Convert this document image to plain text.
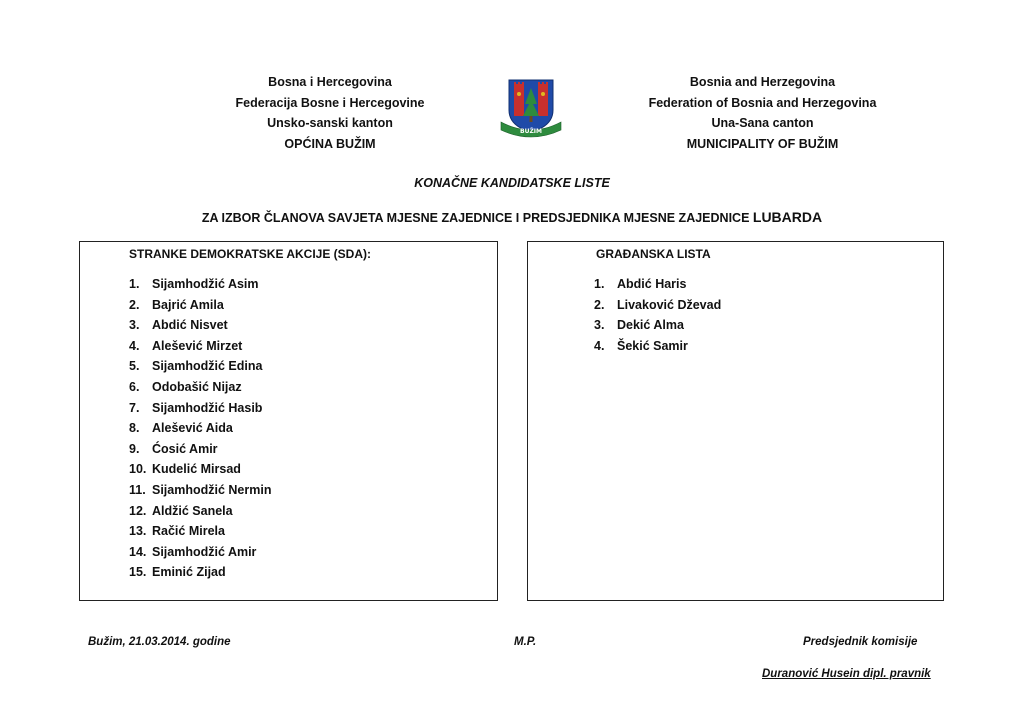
Bosna i Hercegovina
Federacija Bosne i Hercegovine
Unsko-sanski kanton
OPĆINA BUŽIM
BUŽIM
Bosnia and Herzegovina
Federation of Bosnia and Herzegovina
Una-Sana canton
MUNICIPALITY OF BUŽIM
KONAČNE KANDIDATSKE LISTE
ZA IZBOR ČLANOVA SAVJETA MJESNE ZAJEDNICE I PREDSJEDNIKA MJESNE ZAJEDNICE LUBARDA
STRANKE DEMOKRATSKE AKCIJE (SDA):
1.	Sijamhodžić Asim
2.	Bajrić Amila
3.	Abdić Nisvet
4.	Alešević Mirzet
5.	Sijamhodžić Edina
6.	Odobašić Nijaz
7.	Sijamhodžić Hasib
8.	Alešević Aida
9.	Ćosić Amir
10. Kudelić Mirsad
11. Sijamhodžić Nermin
12. Aldžić Sanela
13. Račić Mirela
14. Sijamhodžić Amir
15. Eminić Zijad
GRAĐANSKA LISTA
1.	Abdić Haris
2.	Livaković Dževad
3.	Dekić Alma
4.	Šekić Samir
Bužim, 21.03.2014. godine	M.P.	Predsjednik komisije
Duranović Husein dipl. pravnik
